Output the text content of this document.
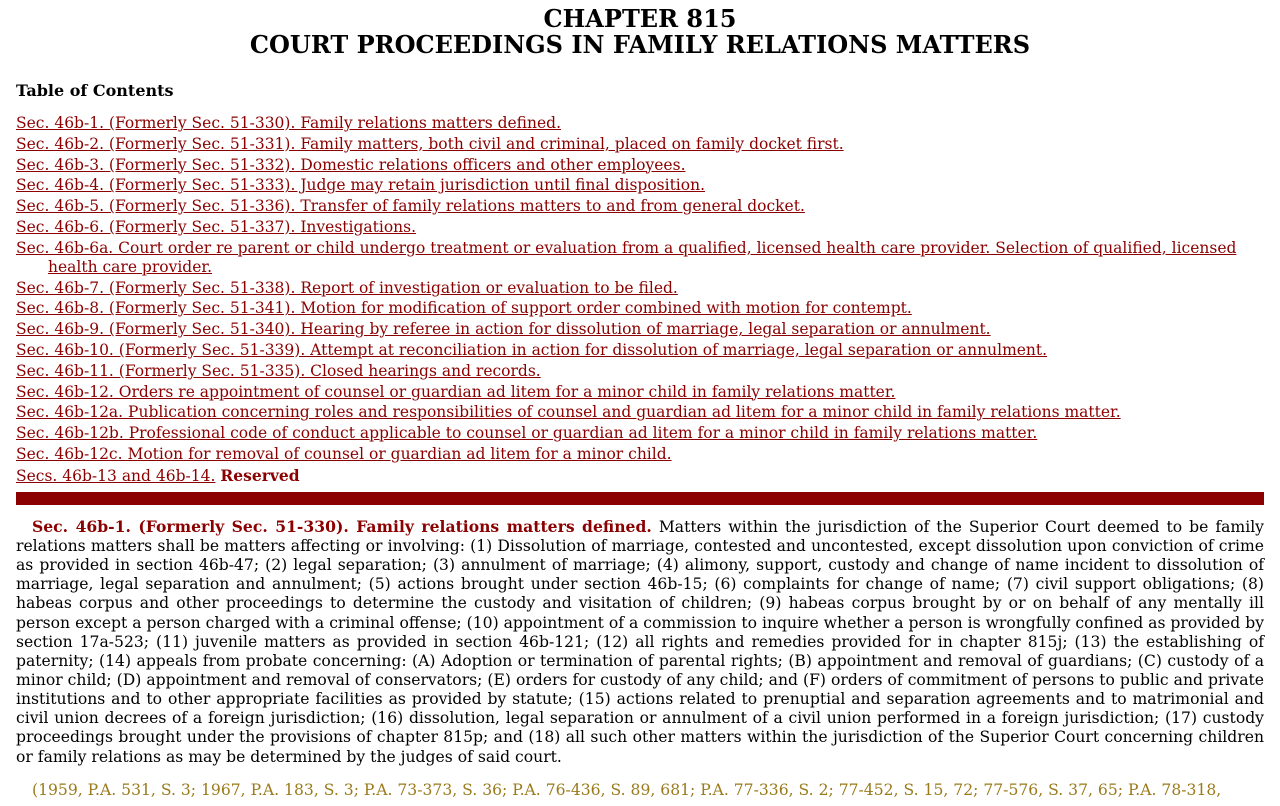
CHAPTER 815
COURT PROCEEDINGS IN FAMILY RELATIONS MATTERS
Table of Contents
Sec. 46b-1. (Formerly Sec. 51-330). Family relations matters defined.
Sec. 46b-2. (Formerly Sec. 51-331). Family matters, both civil and criminal, placed on family docket first.
Sec. 46b-3. (Formerly Sec. 51-332). Domestic relations officers and other employees.
Sec. 46b-4. (Formerly Sec. 51-333). Judge may retain jurisdiction until final disposition.
Sec. 46b-5. (Formerly Sec. 51-336). Transfer of family relations matters to and from general docket.
Sec. 46b-6. (Formerly Sec. 51-337). Investigations.
Sec. 46b-6a. Court order re parent or child undergo treatment or evaluation from a qualified, licensed health care provider. Selection of qualified, licensed health care provider.
Sec. 46b-7. (Formerly Sec. 51-338). Report of investigation or evaluation to be filed.
Sec. 46b-8. (Formerly Sec. 51-341). Motion for modification of support order combined with motion for contempt.
Sec. 46b-9. (Formerly Sec. 51-340). Hearing by referee in action for dissolution of marriage, legal separation or annulment.
Sec. 46b-10. (Formerly Sec. 51-339). Attempt at reconciliation in action for dissolution of marriage, legal separation or annulment.
Sec. 46b-11. (Formerly Sec. 51-335). Closed hearings and records.
Sec. 46b-12. Orders re appointment of counsel or guardian ad litem for a minor child in family relations matter.
Sec. 46b-12a. Publication concerning roles and responsibilities of counsel and guardian ad litem for a minor child in family relations matter.
Sec. 46b-12b. Professional code of conduct applicable to counsel or guardian ad litem for a minor child in family relations matter.
Sec. 46b-12c. Motion for removal of counsel or guardian ad litem for a minor child.
Secs. 46b-13 and 46b-14. Reserved

Sec. 46b-1. (Formerly Sec. 51-330). Family relations matters defined. Matters within the jurisdiction of the Superior Court deemed to be family relations matters shall be matters affecting or involving: (1) Dissolution of marriage, contested and uncontested, except dissolution upon conviction of crime as provided in section 46b-47; (2) legal separation; (3) annulment of marriage; (4) alimony, support, custody and change of name incident to dissolution of marriage, legal separation and annulment; (5) actions brought under section 46b-15; (6) complaints for change of name; (7) civil support obligations; (8) habeas corpus and other proceedings to determine the custody and visitation of children; (9) habeas corpus brought by or on behalf of any mentally ill person except a person charged with a criminal offense; (10) appointment of a commission to inquire whether a person is wrongfully confined as provided by section 17a-523; (11) juvenile matters as provided in section 46b-121; (12) all rights and remedies provided for in chapter 815j; (13) the establishing of paternity; (14) appeals from probate concerning: (A) Adoption or termination of parental rights; (B) appointment and removal of guardians; (C) custody of a minor child; (D) appointment and removal of conservators; (E) orders for custody of any child; and (F) orders of commitment of persons to public and private institutions and to other appropriate facilities as provided by statute; (15) actions related to prenuptial and separation agreements and to matrimonial and civil union decrees of a foreign jurisdiction; (16) dissolution, legal separation or annulment of a civil union performed in a foreign jurisdiction; (17) custody proceedings brought under the provisions of chapter 815p; and (18) all such other matters within the jurisdiction of the Superior Court concerning children or family relations as may be determined by the judges of said court.

(1959, P.A. 531, S. 3; 1967, P.A. 183, S. 3; P.A. 73-373, S. 36; P.A. 76-436, S. 89, 681; P.A. 77-336, S. 2; 77-452, S. 15, 72; 77-576, S. 37, 65; P.A. 78-318,
